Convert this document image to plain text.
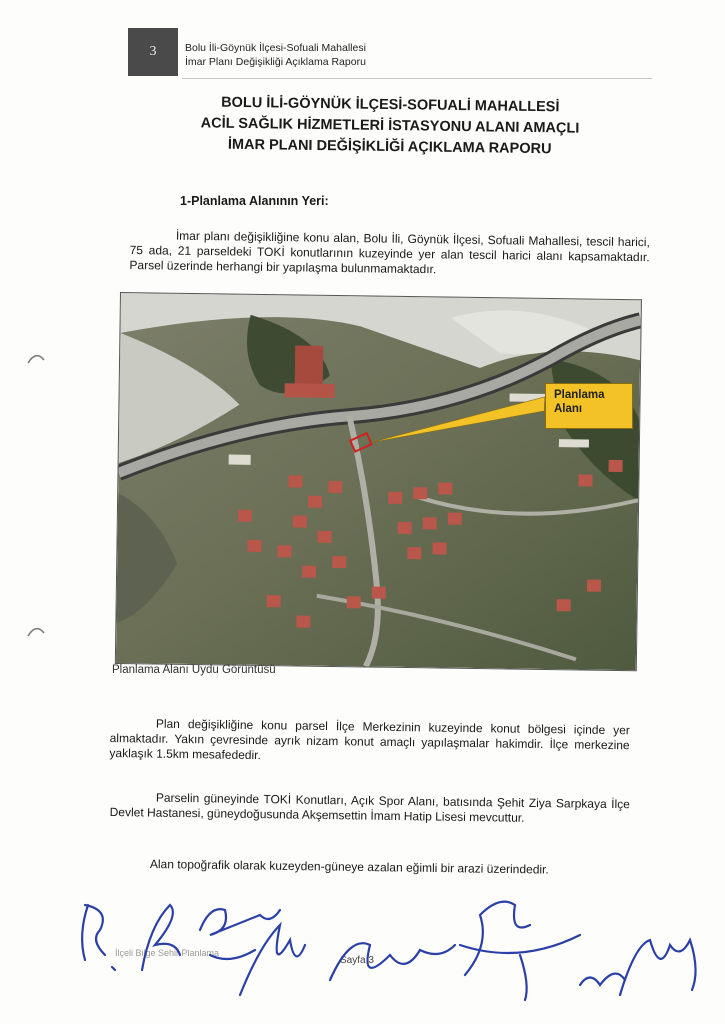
3	Bolu İli-Göynük İlçesi-Sofuali Mahallesi
İmar Planı Değişikliği Açıklama Raporu
BOLU İLİ-GÖYNÜK İLÇESİ-SOFUALİ MAHALLESİ
ACİL SAĞLIK HİZMETLERİ İSTASYONU ALANI AMAÇLI
İMAR PLANI DEĞİŞİKLİĞİ AÇIKLAMA RAPORU
1-Planlama Alanının Yeri:
İmar planı değişikliğine konu alan, Bolu İli, Göynük İlçesi, Sofuali Mahallesi, tescil harici, 75 ada, 21 parseldeki TOKİ konutlarının kuzeyinde yer alan tescil harici alanı kapsamaktadır. Parsel üzerinde herhangi bir yapılaşma bulunmamaktadır.
Planlama
Alanı
Planlama Alanı Uydu Görüntüsü
Plan değişikliğine konu parsel İlçe Merkezinin kuzeyinde konut bölgesi içinde yer almaktadır. Yakın çevresinde ayrık nizam konut amaçlı yapılaşmalar hakimdir. İlçe merkezine yaklaşık 1.5km mesafededir.
Parselin güneyinde TOKİ Konutları, Açık Spor Alanı, batısında Şehit Ziya Sarpkaya İlçe Devlet Hastanesi, güneydoğusunda Akşemsettin İmam Hatip Lisesi mevcuttur.
Alan topoğrafik olarak kuzeyden-güneye azalan eğimli bir arazi üzerindedir.
İlçeli Bilge Sehir Planlama
Sayfa 3
